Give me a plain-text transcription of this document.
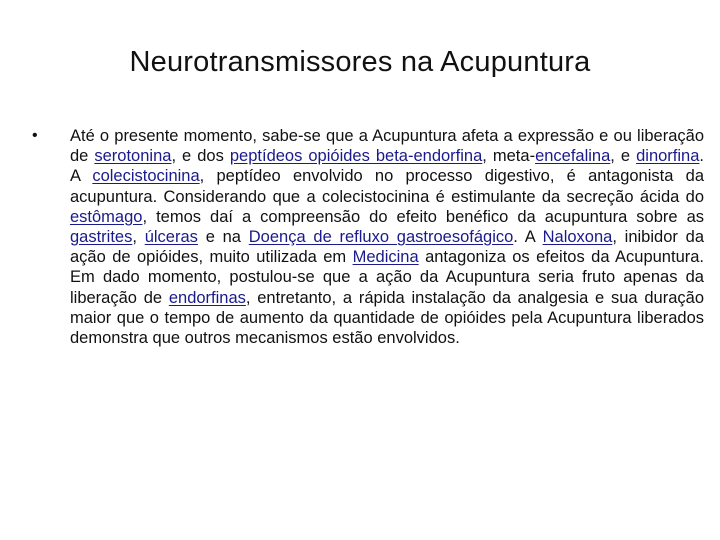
Neurotransmissores na Acupuntura
• Até o presente momento, sabe-se que a Acupuntura afeta a expressão e ou liberação de serotonina, e dos peptídeos opióides beta-endorfina, meta-encefalina, e dinorfina. A colecistocinina, peptídeo envolvido no processo digestivo, é antagonista da acupuntura. Considerando que a colecistocinina é estimulante da secreção ácida do estômago, temos daí a compreensão do efeito benéfico da acupuntura sobre as gastrites, úlceras e na Doença de refluxo gastroesofágico. A Naloxona, inibidor da ação de opióides, muito utilizada em Medicina antagoniza os efeitos da Acupuntura. Em dado momento, postulou-se que a ação da Acupuntura seria fruto apenas da liberação de endorfinas, entretanto, a rápida instalação da analgesia e sua duração maior que o tempo de aumento da quantidade de opióides pela Acupuntura liberados demonstra que outros mecanismos estão envolvidos.
